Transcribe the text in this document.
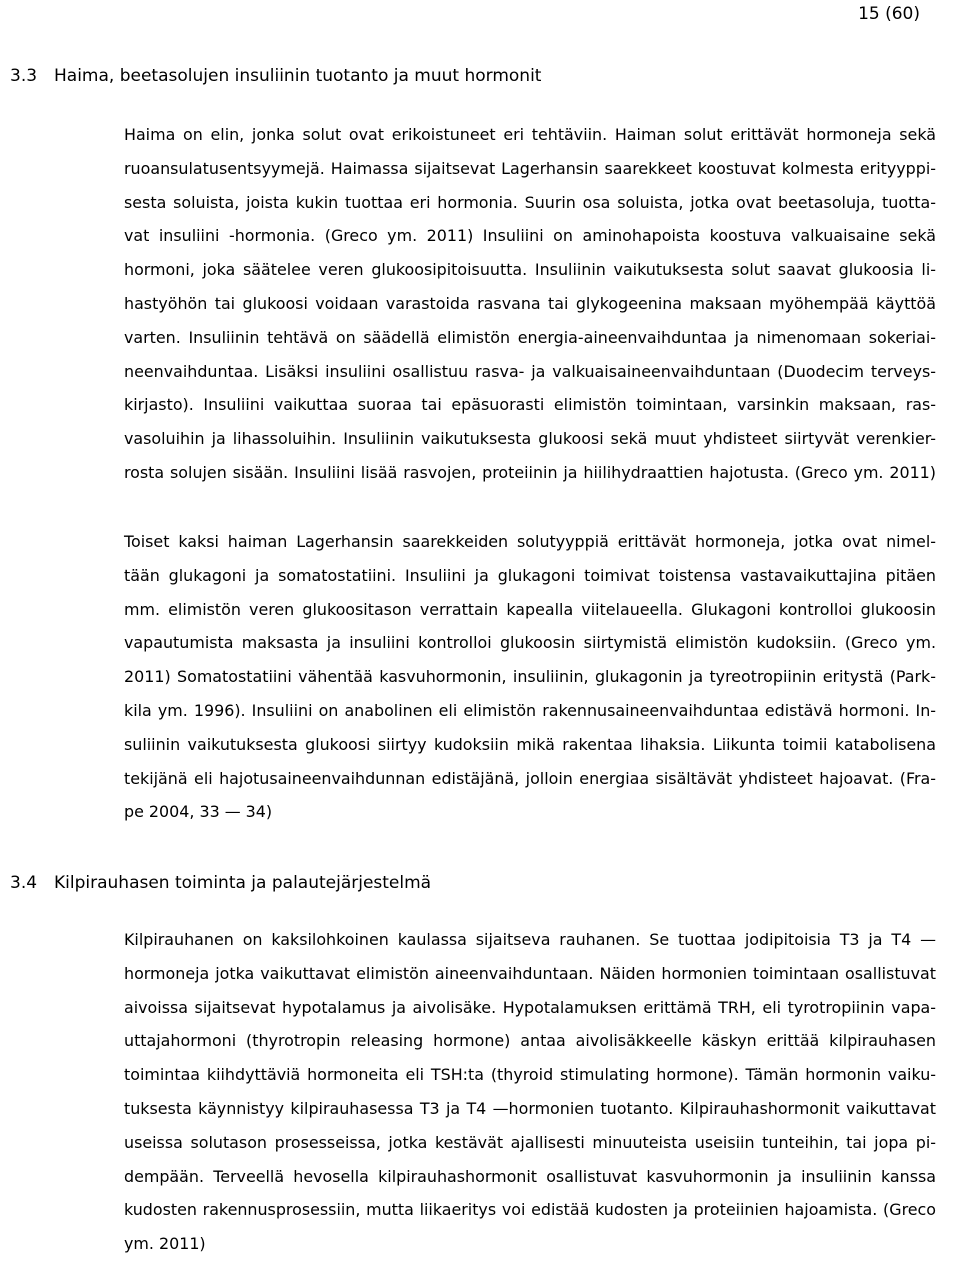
15 (60)
3.3 Haima, beetasolujen insuliinin tuotanto ja muut hormonit
Haima on elin, jonka solut ovat erikoistuneet eri tehtäviin. Haiman solut erittävät hormoneja sekä
ruoansulatusentsyymejä. Haimassa sijaitsevat Lagerhansin saarekkeet koostuvat kolmesta erityyppi-
sesta soluista, joista kukin tuottaa eri hormonia. Suurin osa soluista, jotka ovat beetasoluja, tuotta-
vat insuliini -hormonia. (Greco ym. 2011) Insuliini on aminohapoista koostuva valkuaisaine sekä
hormoni, joka säätelee veren glukoosipitoisuutta. Insuliinin vaikutuksesta solut saavat glukoosia li-
hastyöhön tai glukoosi voidaan varastoida rasvana tai glykogeenina maksaan myöhempää käyttöä
varten. Insuliinin tehtävä on säädellä elimistön energia-aineenvaihduntaa ja nimenomaan sokeriai-
neenvaihduntaa. Lisäksi insuliini osallistuu rasva- ja valkuaisaineenvaihduntaan (Duodecim terveys-
kirjasto). Insuliini vaikuttaa suoraa tai epäsuorasti elimistön toimintaan, varsinkin maksaan, ras-
vasoluihin ja lihassoluihin. Insuliinin vaikutuksesta glukoosi sekä muut yhdisteet siirtyvät verenkier-
rosta solujen sisään. Insuliini lisää rasvojen, proteiinin ja hiilihydraattien hajotusta. (Greco ym. 2011)
Toiset kaksi haiman Lagerhansin saarekkeiden solutyyppiä erittävät hormoneja, jotka ovat nimel-
tään glukagoni ja somatostatiini. Insuliini ja glukagoni toimivat toistensa vastavaikuttajina pitäen
mm. elimistön veren glukoositason verrattain kapealla viitelaueella. Glukagoni kontrolloi glukoosin
vapautumista maksasta ja insuliini kontrolloi glukoosin siirtymistä elimistön kudoksiin. (Greco ym.
2011) Somatostatiini vähentää kasvuhormonin, insuliinin, glukagonin ja tyreotropiinin eritystä (Park-
kila ym. 1996). Insuliini on anabolinen eli elimistön rakennusaineenvaihduntaa edistävä hormoni. In-
suliinin vaikutuksesta glukoosi siirtyy kudoksiin mikä rakentaa lihaksia. Liikunta toimii katabolisena
tekijänä eli hajotusaineenvaihdunnan edistäjänä, jolloin energiaa sisältävät yhdisteet hajoavat. (Fra-
pe 2004, 33 — 34)
3.4 Kilpirauhasen toiminta ja palautejärjestelmä
Kilpirauhanen on kaksilohkoinen kaulassa sijaitseva rauhanen. Se tuottaa jodipitoisia T3 ja T4 —
hormoneja jotka vaikuttavat elimistön aineenvaihduntaan. Näiden hormonien toimintaan osallistuvat
aivoissa sijaitsevat hypotalamus ja aivolisäke. Hypotalamuksen erittämä TRH, eli tyrotropiinin vapa-
uttajahormoni (thyrotropin releasing hormone) antaa aivolisäkkeelle käskyn erittää kilpirauhasen
toimintaa kiihdyttäviä hormoneita eli TSH:ta (thyroid stimulating hormone). Tämän hormonin vaiku-
tuksesta käynnistyy kilpirauhasessa T3 ja T4 —hormonien tuotanto. Kilpirauhashormonit vaikuttavat
useissa solutason prosesseissa, jotka kestävät ajallisesti minuuteista useisiin tunteihin, tai jopa pi-
dempään. Terveellä hevosella kilpirauhashormonit osallistuvat kasvuhormonin ja insuliinin kanssa
kudosten rakennusprosessiin, mutta liikaeritys voi edistää kudosten ja proteiinien hajoamista. (Greco
ym. 2011)
